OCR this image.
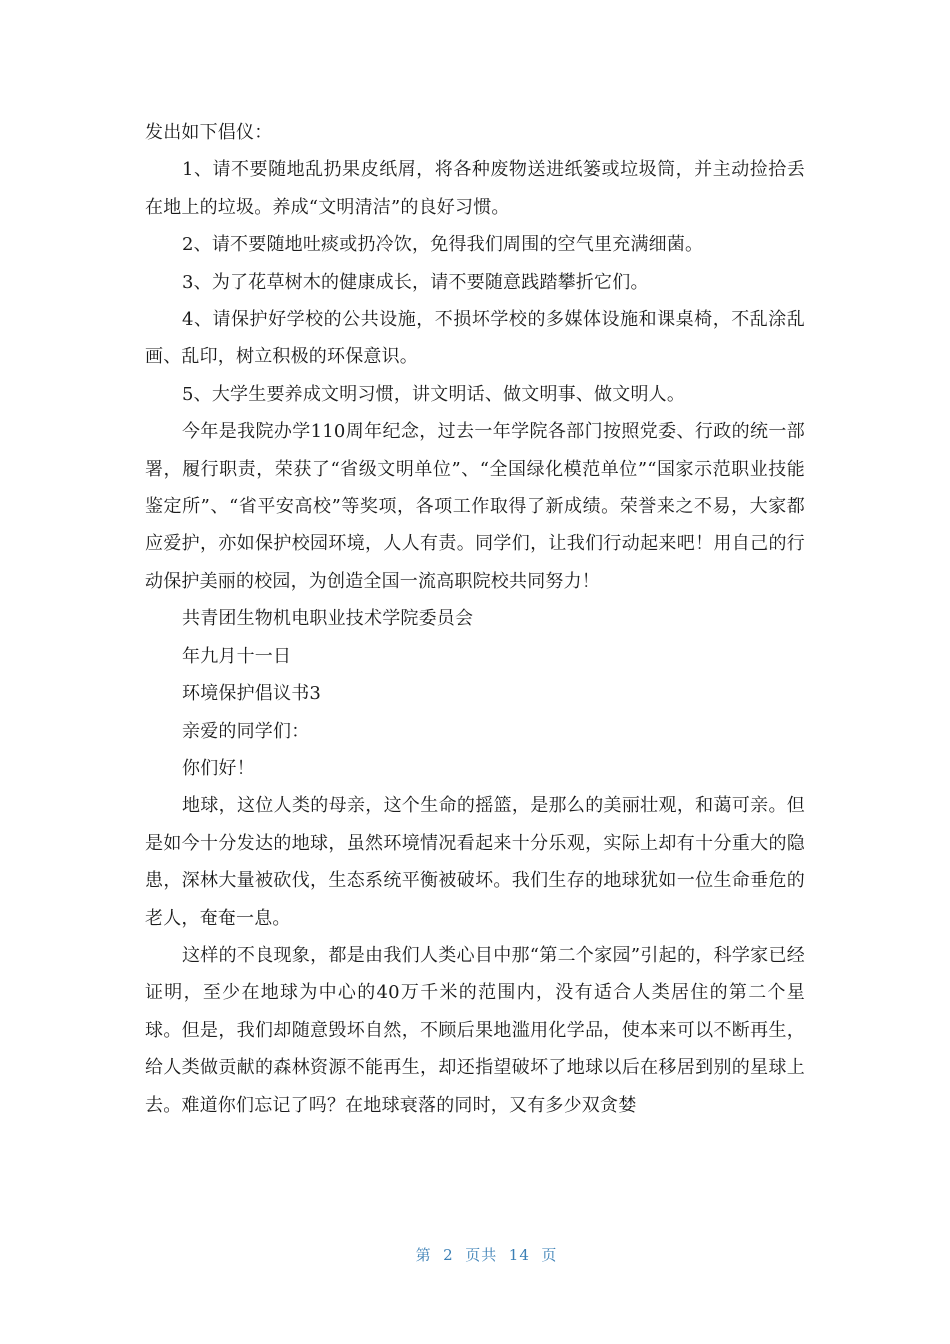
发出如下倡仪：

1、请不要随地乱扔果皮纸屑，将各种废物送进纸篓或垃圾筒，并主动捡拾丢在地上的垃圾。养成“文明清洁”的良好习惯。

2、请不要随地吐痰或扔冷饮，免得我们周围的空气里充满细菌。

3、为了花草树木的健康成长，请不要随意践踏攀折它们。

4、请保护好学校的公共设施，不损坏学校的多媒体设施和课桌椅，不乱涂乱画、乱印，树立积极的环保意识。

5、大学生要养成文明习惯，讲文明话、做文明事、做文明人。

今年是我院办学110周年纪念，过去一年学院各部门按照党委、行政的统一部署，履行职责，荣获了“省级文明单位”、“全国绿化模范单位”“国家示范职业技能鉴定所”、“省平安高校”等奖项，各项工作取得了新成绩。荣誉来之不易，大家都应爱护，亦如保护校园环境，人人有责。同学们，让我们行动起来吧！用自己的行动保护美丽的校园，为创造全国一流高职院校共同努力！

共青团生物机电职业技术学院委员会

年九月十一日

环境保护倡议书3

亲爱的同学们：

你们好！

地球，这位人类的母亲，这个生命的摇篮，是那么的美丽壮观，和蔼可亲。但是如今十分发达的地球，虽然环境情况看起来十分乐观，实际上却有十分重大的隐患，深林大量被砍伐，生态系统平衡被破坏。我们生存的地球犹如一位生命垂危的老人，奄奄一息。

这样的不良现象，都是由我们人类心目中那“第二个家园”引起的，科学家已经证明，至少在地球为中心的40万千米的范围内，没有适合人类居住的第二个星球。但是，我们却随意毁坏自然，不顾后果地滥用化学品，使本来可以不断再生，给人类做贡献的森林资源不能再生，却还指望破坏了地球以后在移居到别的星球上去。难道你们忘记了吗？在地球衰落的同时，又有多少双贪婪

第  2  页共  14  页
